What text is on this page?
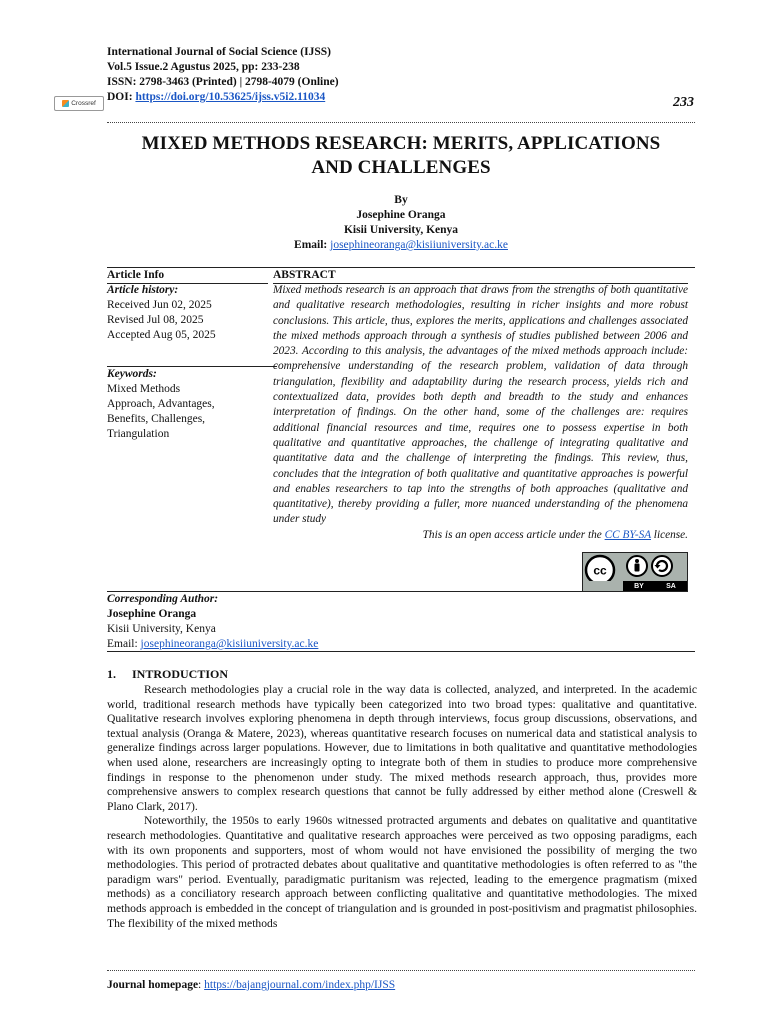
International Journal of Social Science (IJSS)
Vol.5 Issue.2 Agustus 2025, pp: 233-238
ISSN: 2798-3463 (Printed) | 2798-4079 (Online)
DOI:
https://doi.org/10.53625/ijss.v5i2.11034
Crossref	233
MIXED METHODS RESEARCH: MERITS, APPLICATIONS
AND CHALLENGES
By
Josephine Oranga
Kisii University, Kenya
Email: josephineoranga@kisiiuniversity.ac.ke
Article Info
Article history:
Received Jun 02, 2025
Revised Jul 08, 2025
Accepted Aug 05, 2025
Keywords:
Mixed Methods
Approach, Advantages,
Benefits, Challenges,
Triangulation
ABSTRACT
Mixed methods research is an approach that draws from the strengths of both quantitative and qualitative research methodologies, resulting in richer insights and more robust conclusions. This article, thus, explores the merits, applications and challenges associated the mixed methods approach through a synthesis of studies published between 2006 and 2023. According to this analysis, the advantages of the mixed methods approach include: comprehensive understanding of the research problem, validation of data through triangulation, flexibility and adaptability during the research process, yields rich and contextualized data, provides both depth and breadth to the study and enhances interpretation of findings. On the other hand, some of the challenges are: requires additional financial resources and time, requires one to possess expertise in both qualitative and quantitative approaches, the challenge of integrating qualitative and quantitative data and the challenge of interpreting the findings. This review, thus, concludes that the integration of both qualitative and quantitative approaches is powerful and enables researchers to tap into the strengths of both approaches (qualitative and quantitative), thereby providing a fuller, more nuanced understanding of the phenomena under study
This is an open access article under the CC BY-SA license.
cc
BY	SA
Corresponding Author:
Josephine Oranga
Kisii University, Kenya
Email: josephineoranga@kisiiuniversity.ac.ke
1. INTRODUCTION

Research methodologies play a crucial role in the way data is collected, analyzed, and interpreted. In the academic world, traditional research methods have typically been categorized into two broad types: qualitative and quantitative. Qualitative research involves exploring phenomena in depth through interviews, focus group discussions, observations, and textual analysis (Oranga & Matere, 2023), whereas quantitative research focuses on numerical data and statistical analysis to generalize findings across larger populations. However, due to limitations in both qualitative and quantitative methodologies when used alone, researchers are increasingly opting to integrate both of them in studies to produce more comprehensive findings in response to the phenomenon under study. The mixed methods research approach, thus, provides more comprehensive answers to complex research questions that cannot be fully addressed by either method alone (Creswell & Plano Clark, 2017).

Noteworthily, the 1950s to early 1960s witnessed protracted arguments and debates on qualitative and quantitative research methodologies. Quantitative and qualitative research approaches were perceived as two opposing paradigms, each with its own proponents and supporters, most of whom would not have envisioned the possibility of merging the two methodologies. This period of protracted debates about qualitative and quantitative methodologies is often referred to as "the paradigm wars" period. Eventually, paradigmatic puritanism was rejected, leading to the emergence pragmatism (mixed methods) as a conciliatory research approach between conflicting qualitative and quantitative methodologies. The mixed methods approach is embedded in the concept of triangulation and is grounded in post-positivism and pragmatist philosophies. The flexibility of the mixed methods

Journal homepage: https://bajangjournal.com/index.php/IJSS
